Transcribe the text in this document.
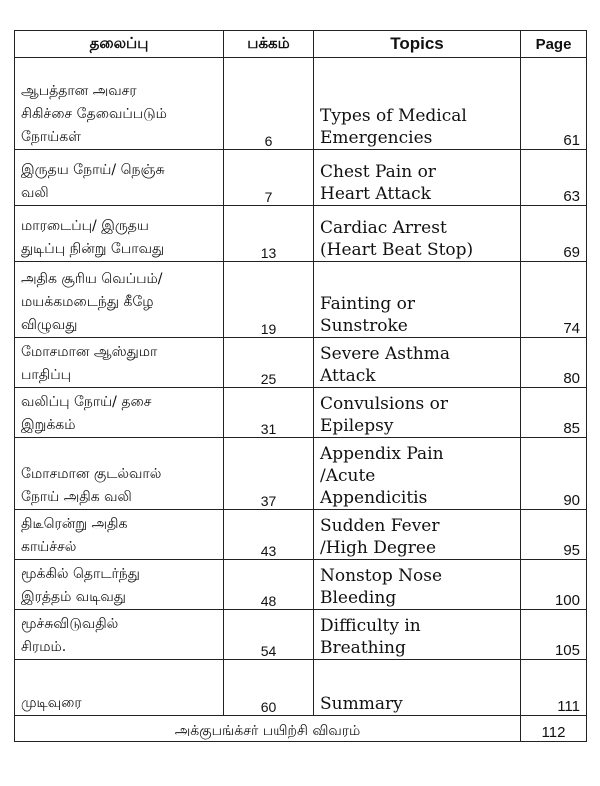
தலைப்பு	பக்கம்	Topics	Page

ஆபத்தான அவசர
சிகிச்சை தேவைப்படும்
நோய்கள்	6	Types of Medical
Emergencies	61

இருதய நோய்/ நெஞ்சு
வலி	7	Chest Pain or
Heart Attack	63

மாரடைப்பு/ இருதய
துடிப்பு நின்று போவது	13	Cardiac Arrest
(Heart Beat Stop)	69

அதிக சூரிய வெப்பம்/
மயக்கமடைந்து கீழே
விழுவது	19	Fainting or
Sunstroke	74

மோசமான ஆஸ்துமா
பாதிப்பு	25	Severe Asthma
Attack	80

வலிப்பு நோய்/ தசை
இறுக்கம்	31	Convulsions or
Epilepsy	85

மோசமான குடல்வால்
நோய் அதிக வலி	37	Appendix Pain
/Acute
Appendicitis	90

திடீரென்று அதிக
காய்ச்சல்	43	Sudden Fever
/High Degree	95

மூக்கில் தொடர்ந்து
இரத்தம் வடிவது	48	Nonstop Nose
Bleeding	100

மூச்சுவிடுவதில்
சிரமம்.	54	Difficulty in
Breathing	105

முடிவுரை	60	Summary	111
அக்குபங்க்சர் பயிற்சி விவரம்			112
